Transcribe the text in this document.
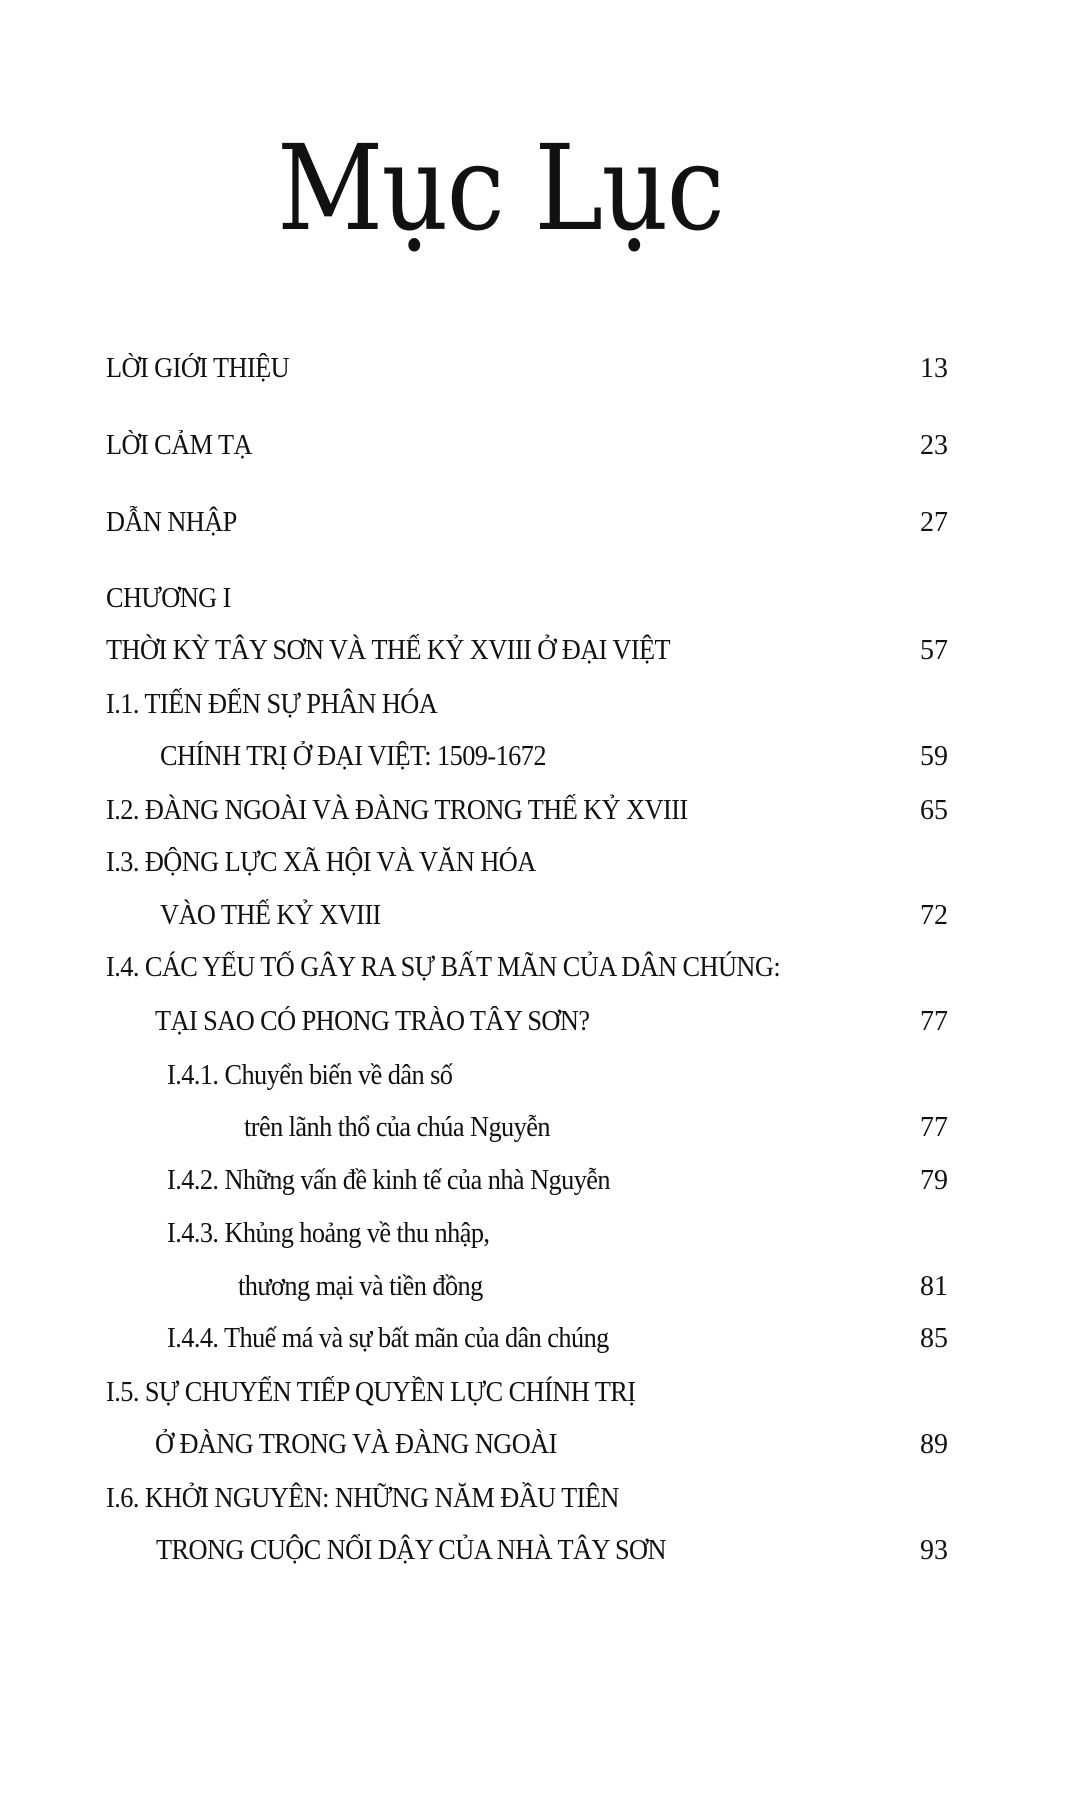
Mục Lục
LỜI GIỚI THIỆU	13
LỜI CẢM TẠ	23
DẪN NHẬP	27
CHƯƠNG I
THỜI KỲ TÂY SƠN VÀ THẾ KỶ XVIII Ở ĐẠI VIỆT	57
I.1. TIẾN ĐẾN SỰ PHÂN HÓA
CHÍNH TRỊ Ở ĐẠI VIỆT: 1509-1672	59
I.2. ĐÀNG NGOÀI VÀ ĐÀNG TRONG THẾ KỶ XVIII	65
I.3. ĐỘNG LỰC XÃ HỘI VÀ VĂN HÓA
VÀO THẾ KỶ XVIII	72
I.4. CÁC YẾU TỐ GÂY RA SỰ BẤT MÃN CỦA DÂN CHÚNG:
TẠI SAO CÓ PHONG TRÀO TÂY SƠN?	77
I.4.1. Chuyển biến về dân số
trên lãnh thổ của chúa Nguyễn	77
I.4.2. Những vấn đề kinh tế của nhà Nguyễn	79
I.4.3. Khủng hoảng về thu nhập,
thương mại và tiền đồng	81
I.4.4. Thuế má và sự bất mãn của dân chúng	85
I.5. SỰ CHUYỂN TIẾP QUYỀN LỰC CHÍNH TRỊ
Ở ĐÀNG TRONG VÀ ĐÀNG NGOÀI	89
I.6. KHỞI NGUYÊN: NHỮNG NĂM ĐẦU TIÊN
TRONG CUỘC NỔI DẬY CỦA NHÀ TÂY SƠN	93
